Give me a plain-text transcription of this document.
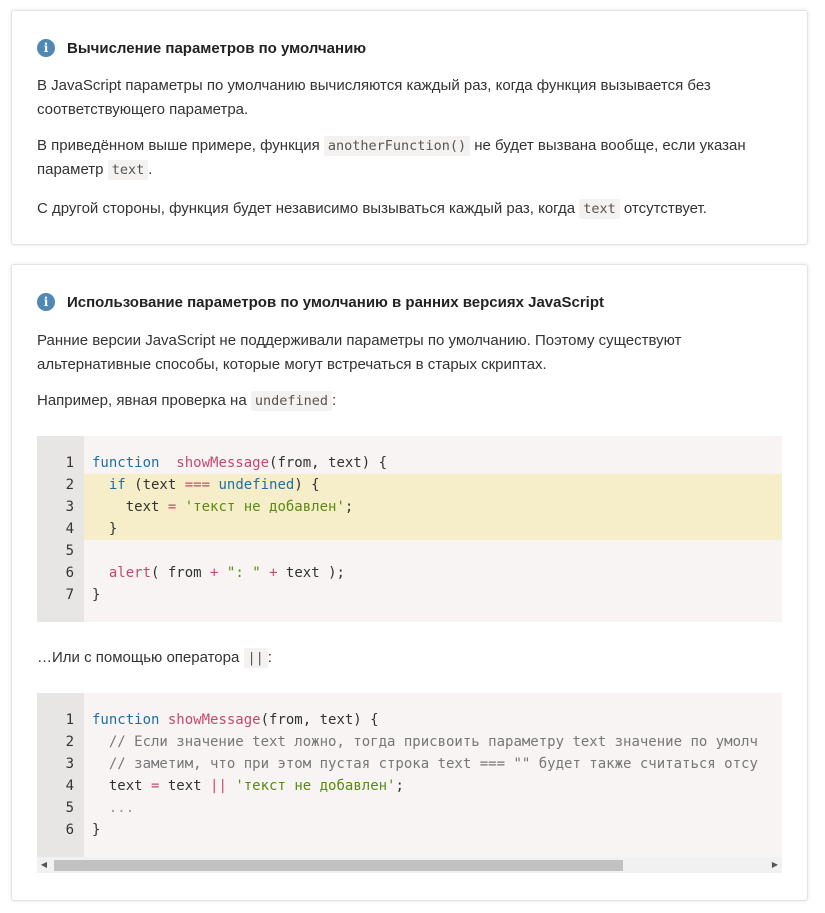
i	Вычисление параметров по умолчанию
В JavaScript параметры по умолчанию вычисляются каждый раз, когда функция вызывается без соответствующего параметра.
В приведённом выше примере, функция anotherFunction() не будет вызвана вообще, если указан параметр text .
С другой стороны, функция будет независимо вызываться каждый раз, когда text отсутствует.
i	Использование параметров по умолчанию в ранних версиях JavaScript
Ранние версии JavaScript не поддерживали параметры по умолчанию. Поэтому существуют альтернативные способы, которые могут встречаться в старых скриптах.
Например, явная проверка на undefined :
1 function showMessage(from, text) {
2	if (text === undefined) {
3 text = 'текст не добавлен';
4 }
5
6	alert( from + ": " + text );
7 }
…Или с помощью оператора || :
◀	▶
1 function showMessage(from, text) {
2	// Если значение text ложно, тогда присвоить параметру text значение по умолч
3	// заметим, что при этом пустая строка text === "" будет также считаться отсу
4 text = text || 'текст не добавлен';
5	...
6 }
